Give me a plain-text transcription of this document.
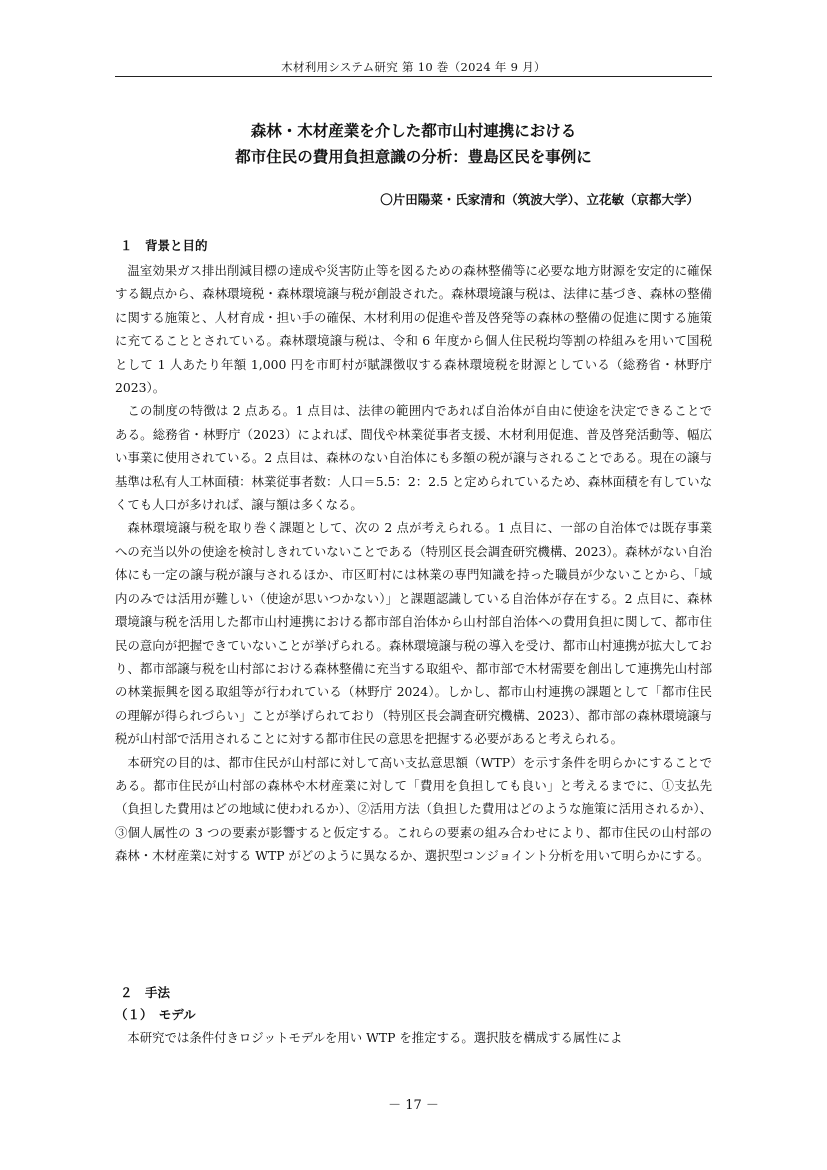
木材利用システム研究 第 10 巻（2024 年 9 月）
森林・木材産業を介した都市山村連携における
都市住民の費用負担意識の分析：豊島区民を事例に
〇片田陽菜・氏家清和（筑波大学）、立花敏（京都大学）
１　背景と目的

温室効果ガス排出削減目標の達成や災害防止等を図るための森林整備等に必要な地方財源を安定的に確保する観点から、森林環境税・森林環境譲与税が創設された。森林環境譲与税は、法律に基づき、森林の整備に関する施策と、人材育成・担い手の確保、木材利用の促進や普及啓発等の森林の整備の促進に関する施策に充てることとされている。森林環境譲与税は、令和 6 年度から個人住民税均等割の枠組みを用いて国税として 1 人あたり年額 1,000 円を市町村が賦課徴収する森林環境税を財源としている（総務省・林野庁 2023）。

この制度の特徴は 2 点ある。1 点目は、法律の範囲内であれば自治体が自由に使途を決定できることである。総務省・林野庁（2023）によれば、間伐や林業従事者支援、木材利用促進、普及啓発活動等、幅広い事業に使用されている。2 点目は、森林のない自治体にも多額の税が譲与されることである。現在の譲与基準は私有人工林面積：林業従事者数：人口＝5.5：2：2.5 と定められているため、森林面積を有していなくても人口が多ければ、譲与額は多くなる。

森林環境譲与税を取り巻く課題として、次の 2 点が考えられる。1 点目に、一部の自治体では既存事業への充当以外の使途を検討しきれていないことである（特別区長会調査研究機構、2023）。森林がない自治体にも一定の譲与税が譲与されるほか、市区町村には林業の専門知識を持った職員が少ないことから、「域内のみでは活用が難しい（使途が思いつかない）」と課題認識している自治体が存在する。2 点目に、森林環境譲与税を活用した都市山村連携における都市部自治体から山村部自治体への費用負担に関して、都市住民の意向が把握できていないことが挙げられる。森林環境譲与税の導入を受け、都市山村連携が拡大しており、都市部譲与税を山村部における森林整備に充当する取組や、都市部で木材需要を創出して連携先山村部の林業振興を図る取組等が行われている（林野庁 2024）。しかし、都市山村連携の課題として「都市住民の理解が得られづらい」ことが挙げられており（特別区長会調査研究機構、2023）、都市部の森林環境譲与税が山村部で活用されることに対する都市住民の意思を把握する必要があると考えられる。

本研究の目的は、都市住民が山村部に対して高い支払意思額（WTP）を示す条件を明らかにすることである。都市住民が山村部の森林や木材産業に対して「費用を負担しても良い」と考えるまでに、①支払先（負担した費用はどの地域に使われるか）、②活用方法（負担した費用はどのような施策に活用されるか）、③個人属性の 3 つの要素が影響すると仮定する。これらの要素の組み合わせにより、都市住民の山村部の森林・木材産業に対する WTP がどのように異なるか、選択型コンジョイント分析を用いて明らかにする。

２　手法
（１）　モデル

本研究では条件付きロジットモデルを用い WTP を推定する。選択肢を構成する属性によ

－ 17 －
